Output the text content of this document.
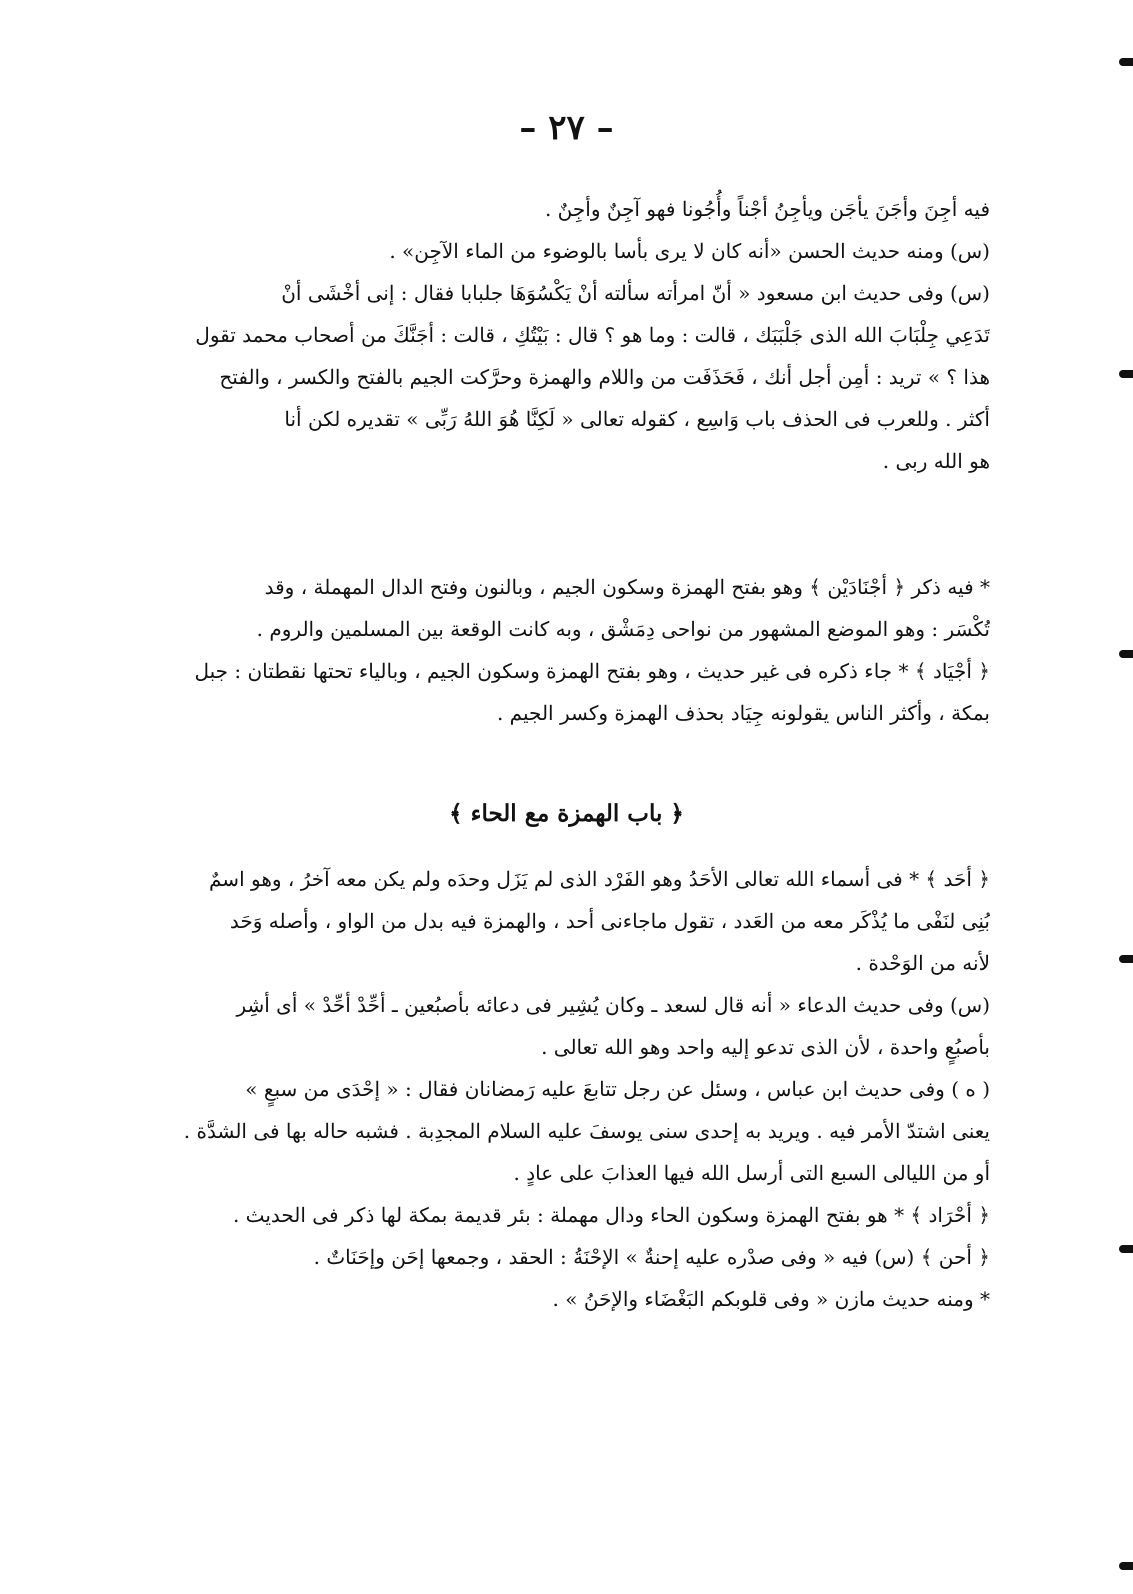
– ٢٧ –
فيه أجِنَ وأجَنَ يأجَن ويأجِنُ أجْناً وأُجُونا فهو آجِنٌ وأجِنٌ .
(س) ومنه حديث الحسن «أنه كان لا يرى بأسا بالوضوء من الماء الآجِن» .
(س) وفى حديث ابن مسعود « أنّ امرأته سألته أنْ يَكْسُوَهَا جلبابا فقال : إنى أخْشَى أنْ
تَدَعِي جِلْبَابَ الله الذى جَلْبَبَك ، قالت : وما هو ؟ قال : بَيْتُكِ ، قالت : أجَنَّكَ من أصحاب محمد تقول
هذا ؟ » تريد : أمِن أجل أنك ، فَحَذَفَت من واللام والهمزة وحرَّكت الجيم بالفتح والكسر ، والفتح
أكثر . وللعرب فى الحذف باب وَاسِع ، كقوله تعالى « لَكِنَّا هُوَ اللهُ رَبِّى » تقديره لكن أنا
هو الله ربى .
* فيه ذكر ﴿ أجْنَادَيْن ﴾ وهو بفتح الهمزة وسكون الجيم ، وبالنون وفتح الدال المهملة ، وقد
تُكْسَر : وهو الموضع المشهور من نواحى دِمَشْق ، وبه كانت الوقعة بين المسلمين والروم .
﴿ أجْيَاد ﴾ * جاء ذكره فى غير حديث ، وهو بفتح الهمزة وسكون الجيم ، وبالياء تحتها نقطتان : جبل
بمكة ، وأكثر الناس يقولونه جِيَاد بحذف الهمزة وكسر الجيم .
﴿ باب الهمزة مع الحاء ﴾
﴿ أحَد ﴾ * فى أسماء الله تعالى الأحَدُ وهو الفَرْد الذى لم يَزَل وحدَه ولم يكن معه آخرُ ، وهو اسمٌ
بُنِى لنَفْى ما يُذْكَر معه من العَدد ، تقول ماجاءنى أحد ، والهمزة فيه بدل من الواو ، وأصله وَحَد
لأنه من الوَحْدة .
(س) وفى حديث الدعاء « أنه قال لسعد ـ وكان يُشِير فى دعائه بأصبُعين ـ أحِّدْ أحِّدْ » أى أشِر
بأصبُعٍ واحدة ، لأن الذى تدعو إليه واحد وهو الله تعالى .
( ه ) وفى حديث ابن عباس ، وسئل عن رجل تتابعَ عليه رَمضانان فقال : « إحْدَى من سبعٍ »
يعنى اشتدّ الأمر فيه . ويريد به إحدى سنى يوسفَ عليه السلام المجدِبة . فشبه حاله بها فى الشدَّة .
أو من الليالى السبع التى أرسل الله فيها العذابَ على عادٍ .
﴿ أحْرَاد ﴾ * هو بفتح الهمزة وسكون الحاء ودال مهملة : بئر قديمة بمكة لها ذكر فى الحديث .
﴿ أحن ﴾ (س) فيه « وفى صدْره عليه إحنةٌ » الإحْنَةُ : الحقد ، وجمعها إحَن وإحَنَاتٌ .
* ومنه حديث مازن « وفى قلوبكم البَغْضَاء والإحَنُ » .
